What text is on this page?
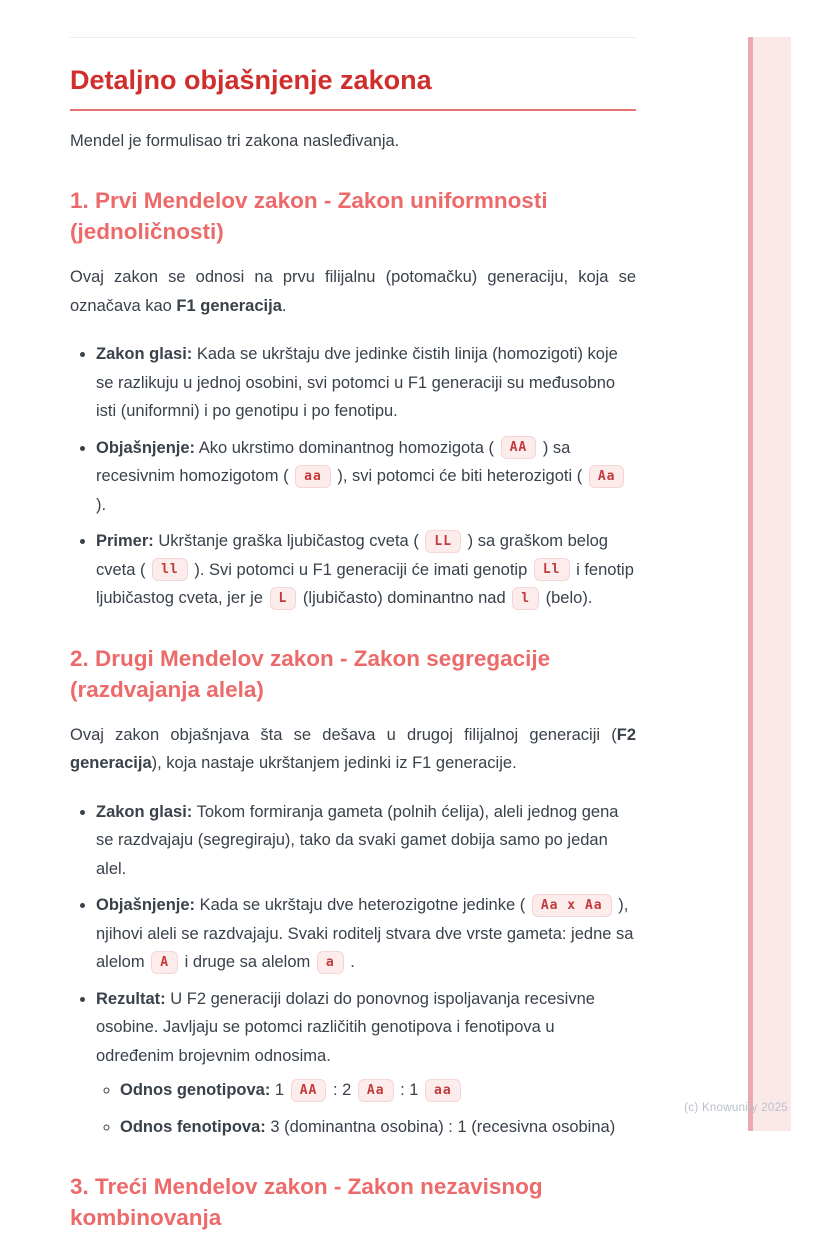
Detaljno objašnjenje zakona

Mendel je formulisao tri zakona nasleđivanja.

1. Prvi Mendelov zakon - Zakon uniformnosti (jednoličnosti)

Ovaj zakon se odnosi na prvu filijalnu (potomačku) generaciju, koja se označava kao F1 generacija.

• Zakon glasi: Kada se ukrštaju dve jedinke čistih linija (homozigoti) koje se razlikuju u jednoj osobini, svi potomci u F1 generaciji su međusobno isti (uniformni) i po genotipu i po fenotipu.
• Objašnjenje: Ako ukrstimo dominantnog homozigota ( AA ) sa recesivnim homozigotom ( aa ), svi potomci će biti heterozigoti ( Aa ).
• Primer: Ukrštanje graška ljubičastog cveta ( LL ) sa graškom belog cveta ( ll ). Svi potomci u F1 generaciji će imati genotip Ll i fenotip ljubičastog cveta, jer je L (ljubičasto) dominantno nad l (belo).
2. Drugi Mendelov zakon - Zakon segregacije (razdvajanja alela)

Ovaj zakon objašnjava šta se dešava u drugoj filijalnoj generaciji (F2 generacija), koja nastaje ukrštanjem jedinki iz F1 generacije.

• Zakon glasi: Tokom formiranja gameta (polnih ćelija), aleli jednog gena se razdvajaju (segregiraju), tako da svaki gamet dobija samo po jedan alel.
• Objašnjenje: Kada se ukrštaju dve heterozigotne jedinke ( Aa x Aa ), njihovi aleli se razdvajaju. Svaki roditelj stvara dve vrste gameta: jedne sa alelom A i druge sa alelom a .
• Rezultat: U F2 generaciji dolazi do ponovnog ispoljavanja recesivne osobine. Javljaju se potomci različitih genotipova i fenotipova u određenim brojevnim odnosima.
◦ Odnos genotipova: 1 AA : 2 Aa : 1 aa
◦ Odnos fenotipova: 3 (dominantna osobina) : 1 (recesivna osobina)
3. Treći Mendelov zakon - Zakon nezavisnog kombinovanja
(c) Knowunity 2025
